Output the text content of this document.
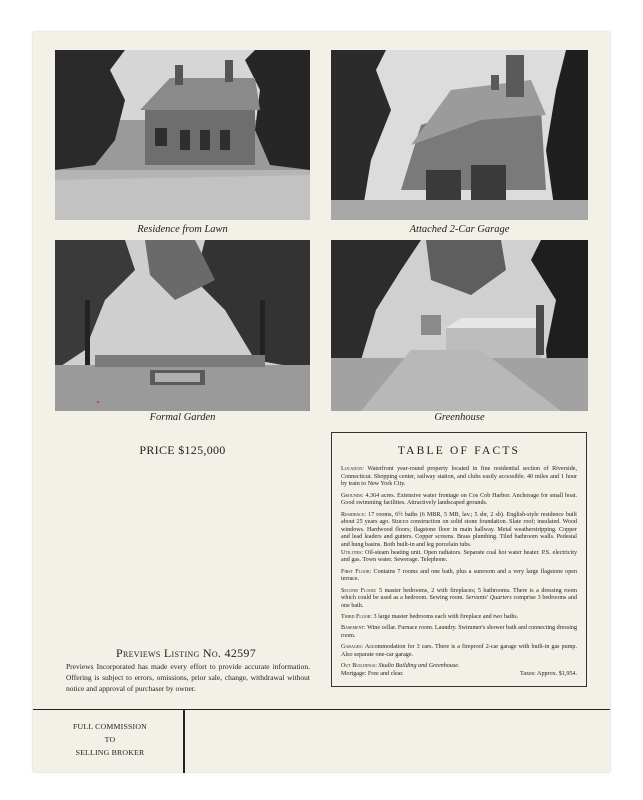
Residence from Lawn	Attached 2-Car Garage
Formal Garden	Greenhouse
PRICE $125,000	TABLE OF FACTS

Location: Waterfront year-round property located in fine residential section of Riverside, Connecticut. Shopping center, railway station, and clubs easily accessible. 40 miles and 1 hour by train to New York City.

Grounds: 4.364 acres. Extensive water frontage on Cos Cob Harbor. Anchorage for small boat. Good swimming facilities. Attractively landscaped grounds.

Residence: 17 rooms, 6½ baths (6 MBR, 5 MB, lav.; 5 sbr, 2 sb). English-style residence built about 25 years ago. Stucco construction on solid stone foundation. Slate roof; insulated. Wood windows. Hardwood floors; flagstone floor in main hallway. Metal weatherstripping. Copper and lead leaders and gutters. Copper screens. Brass plumbing. Tiled bathroom walls. Pedestal and hung basins. Both built-in and leg porcelain tubs.

Utilities: Oil-steam heating unit. Open radiators. Separate coal hot water heater. P.S. electricity and gas. Town water. Sewerage. Telephone.

First Floor: Contains 7 rooms and one bath, plus a sunroom and a very large flagstone open terrace.

Second Floor: 5 master bedrooms, 2 with fireplaces; 5 bathrooms. There is a dressing room which could be used as a bedroom. Sewing room. Servants' Quarters comprise 3 bedrooms and one bath.

Third Floor: 3 large master bedrooms each with fireplace and two baths.

Basement: Wine cellar. Furnace room. Laundry. Swimmer's shower bath and connecting dressing room.

Garages: Accommodation for 3 cars. There is a fireproof 2-car garage with built-in gas pump. Also separate one-car garage.

Out Buildings: Studio Building and Greenhouse.

Mortgage: Free and clear.	Taxes: Approx. $1,954.
Previews Listing No. 42597
Previews Incorporated has made every effort to provide accurate information. Offering is subject to errors, omissions, prior sale, change, withdrawal without notice and approval of purchaser by owner.
FULL COMMISSION
TO
SELLING BROKER
